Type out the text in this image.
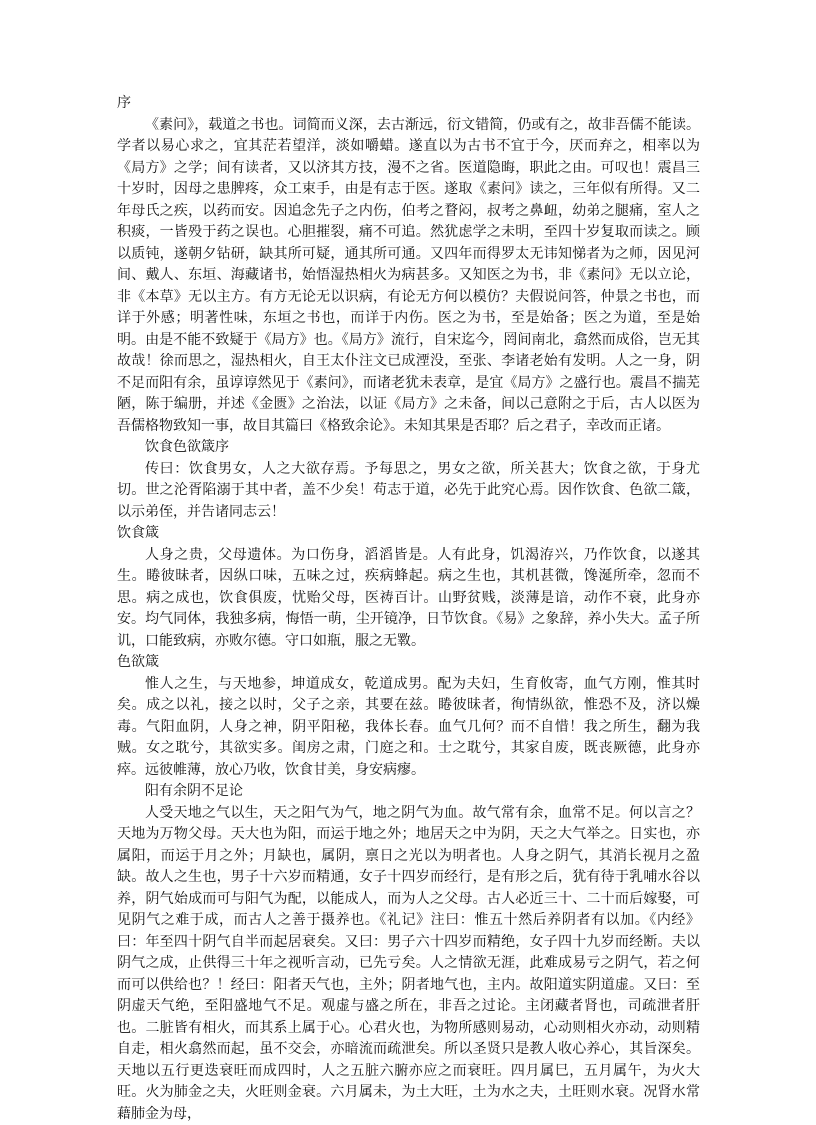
序

《素问》，载道之书也。词简而义深，去古渐远，衍文错简，仍或有之，故非吾儒不能读。学者以易心求之，宜其茫若望洋，淡如嚼蜡。遂直以为古书不宜于今，厌而弃之，相率以为《局方》之学；间有读者，又以济其方技，漫不之省。医道隐晦，职此之由。可叹也！震昌三十岁时，因母之患脾疼，众工束手，由是有志于医。遂取《素问》读之，三年似有所得。又二年母氏之疾，以药而安。因追念先子之内伤，伯考之瞀闷，叔考之鼻衄，幼弟之腿痛，室人之积痰，一皆殁于药之误也。心胆摧裂，痛不可追。然犹虑学之未明，至四十岁复取而读之。顾以质钝，遂朝夕钻研，缺其所可疑，通其所可通。又四年而得罗太无讳知悌者为之师，因见河间、戴人、东垣、海藏诸书，始悟湿热相火为病甚多。又知医之为书，非《素问》无以立论，非《本草》无以主方。有方无论无以识病，有论无方何以模仿？夫假说问答，仲景之书也，而详于外感；明著性味，东垣之书也，而详于内伤。医之为书，至是始备；医之为道，至是始明。由是不能不致疑于《局方》也。《局方》流行，自宋迄今，罔间南北，翕然而成俗，岂无其故哉！徐而思之，湿热相火，自王太仆注文已成湮没，至张、李诸老始有发明。人之一身，阴不足而阳有余，虽谆谆然见于《素问》，而诸老犹未表章，是宜《局方》之盛行也。震昌不揣芜陋，陈于编册，并述《金匮》之治法，以证《局方》之未备，间以己意附之于后，古人以医为吾儒格物致知一事，故目其篇曰《格致余论》。未知其果是否耶？后之君子，幸改而正诸。

饮食色欲箴序

传曰：饮食男女，人之大欲存焉。予每思之，男女之欲，所关甚大；饮食之欲，于身尤切。世之沦胥陷溺于其中者，盖不少矣！苟志于道，必先于此究心焉。因作饮食、色欲二箴，以示弟侄，并告诸同志云！

饮食箴

人身之贵，父母遗体。为口伤身，滔滔皆是。人有此身，饥渴洊兴，乃作饮食，以遂其生。睠彼昧者，因纵口味，五味之过，疾病蜂起。病之生也，其机甚微，馋涎所牵，忽而不思。病之成也，饮食俱废，忧贻父母，医祷百计。山野贫贱，淡薄是谙，动作不衰，此身亦安。均气同体，我独多病，悔悟一萌，尘开镜净，日节饮食。《易》之象辞，养小失大。孟子所讥，口能致病，亦败尔德。守口如瓶，服之无斁。

色欲箴

惟人之生，与天地参，坤道成女，乾道成男。配为夫妇，生育攸寄，血气方刚，惟其时矣。成之以礼，接之以时，父子之亲，其要在兹。睠彼昧者，徇情纵欲，惟恐不及，济以燥毒。气阳血阴，人身之神，阴平阳秘，我体长春。血气几何？而不自惜！我之所生，翻为我贼。女之耽兮，其欲实多。闺房之肃，门庭之和。士之耽兮，其家自废，既丧厥德，此身亦瘁。远彼帷薄，放心乃收，饮食甘美，身安病瘳。

阳有余阴不足论

人受天地之气以生，天之阳气为气，地之阴气为血。故气常有余，血常不足。何以言之？天地为万物父母。天大也为阳，而运于地之外；地居天之中为阴，天之大气举之。日实也，亦属阳，而运于月之外；月缺也，属阴，禀日之光以为明者也。人身之阴气，其消长视月之盈缺。故人之生也，男子十六岁而精通，女子十四岁而经行，是有形之后，犹有待于乳哺水谷以养，阴气始成而可与阳气为配，以能成人，而为人之父母。古人必近三十、二十而后嫁娶，可见阴气之难于成，而古人之善于摄养也。《礼记》注曰：惟五十然后养阴者有以加。《内经》曰：年至四十阴气自半而起居衰矣。又曰：男子六十四岁而精绝，女子四十九岁而经断。夫以阴气之成，止供得三十年之视听言动，已先亏矣。人之情欲无涯，此难成易亏之阴气，若之何而可以供给也？！经曰：阳者天气也，主外；阴者地气也，主内。故阳道实阴道虚。又曰：至阴虚天气绝，至阳盛地气不足。观虚与盛之所在，非吾之过论。主闭藏者肾也，司疏泄者肝也。二脏皆有相火，而其系上属于心。心君火也，为物所感则易动，心动则相火亦动，动则精自走，相火翕然而起，虽不交会，亦暗流而疏泄矣。所以圣贤只是教人收心养心，其旨深矣。天地以五行更迭衰旺而成四时，人之五脏六腑亦应之而衰旺。四月属巳，五月属午，为火大旺。火为肺金之夫，火旺则金衰。六月属未，为土大旺，土为水之夫，土旺则水衰。况肾水常藉肺金为母，
